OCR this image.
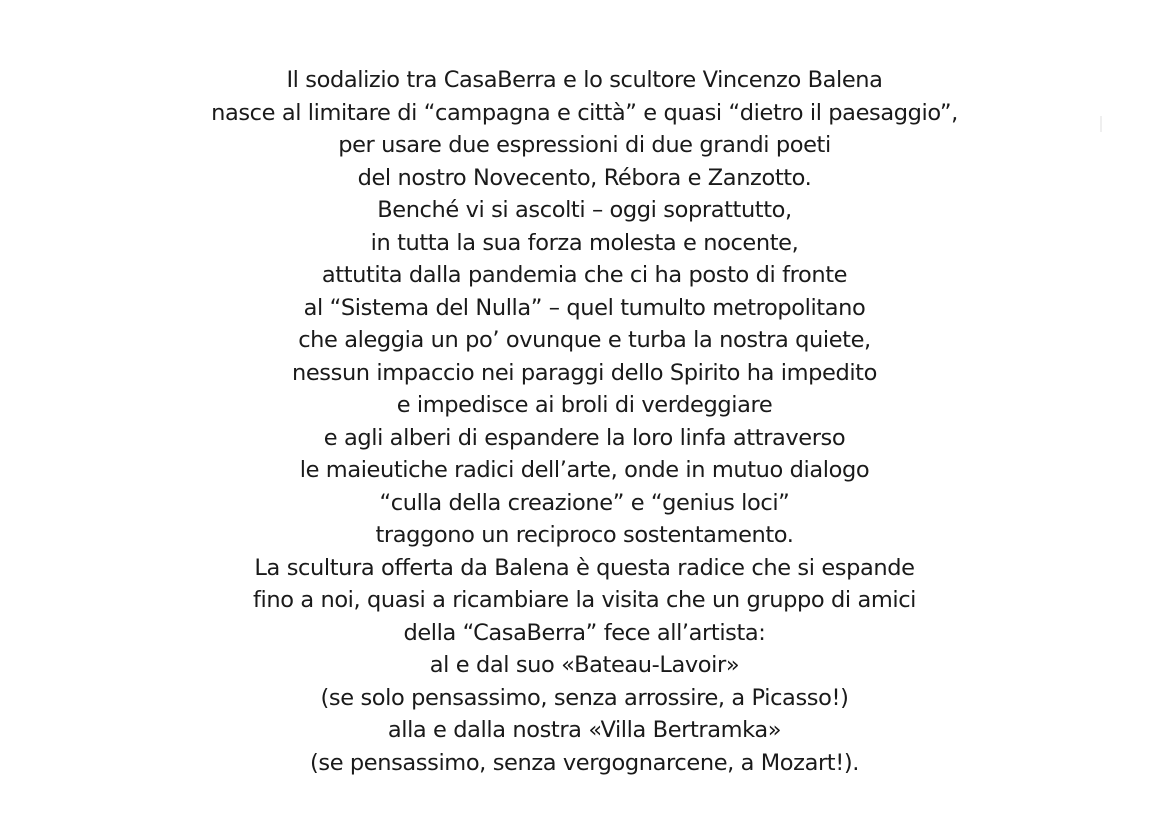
Il sodalizio tra CasaBerra e lo scultore Vincenzo Balena
nasce al limitare di “campagna e città” e quasi “dietro il paesaggio”,
per usare due espressioni di due grandi poeti
del nostro Novecento, Rébora e Zanzotto.
Benché vi si ascolti – oggi soprattutto,
in tutta la sua forza molesta e nocente,
attutita dalla pandemia che ci ha posto di fronte
al “Sistema del Nulla” – quel tumulto metropolitano
che aleggia un po’ ovunque e turba la nostra quiete,
nessun impaccio nei paraggi dello Spirito ha impedito
e impedisce ai broli di verdeggiare
e agli alberi di espandere la loro linfa attraverso
le maieutiche radici dell’arte, onde in mutuo dialogo
“culla della creazione” e “genius loci”
traggono un reciproco sostentamento.
La scultura offerta da Balena è questa radice che si espande
fino a noi, quasi a ricambiare la visita che un gruppo di amici
della “CasaBerra” fece all’artista:
al e dal suo «Bateau-Lavoir»
(se solo pensassimo, senza arrossire, a Picasso!)
alla e dalla nostra «Villa Bertramka»
(se pensassimo, senza vergognarcene, a Mozart!).
